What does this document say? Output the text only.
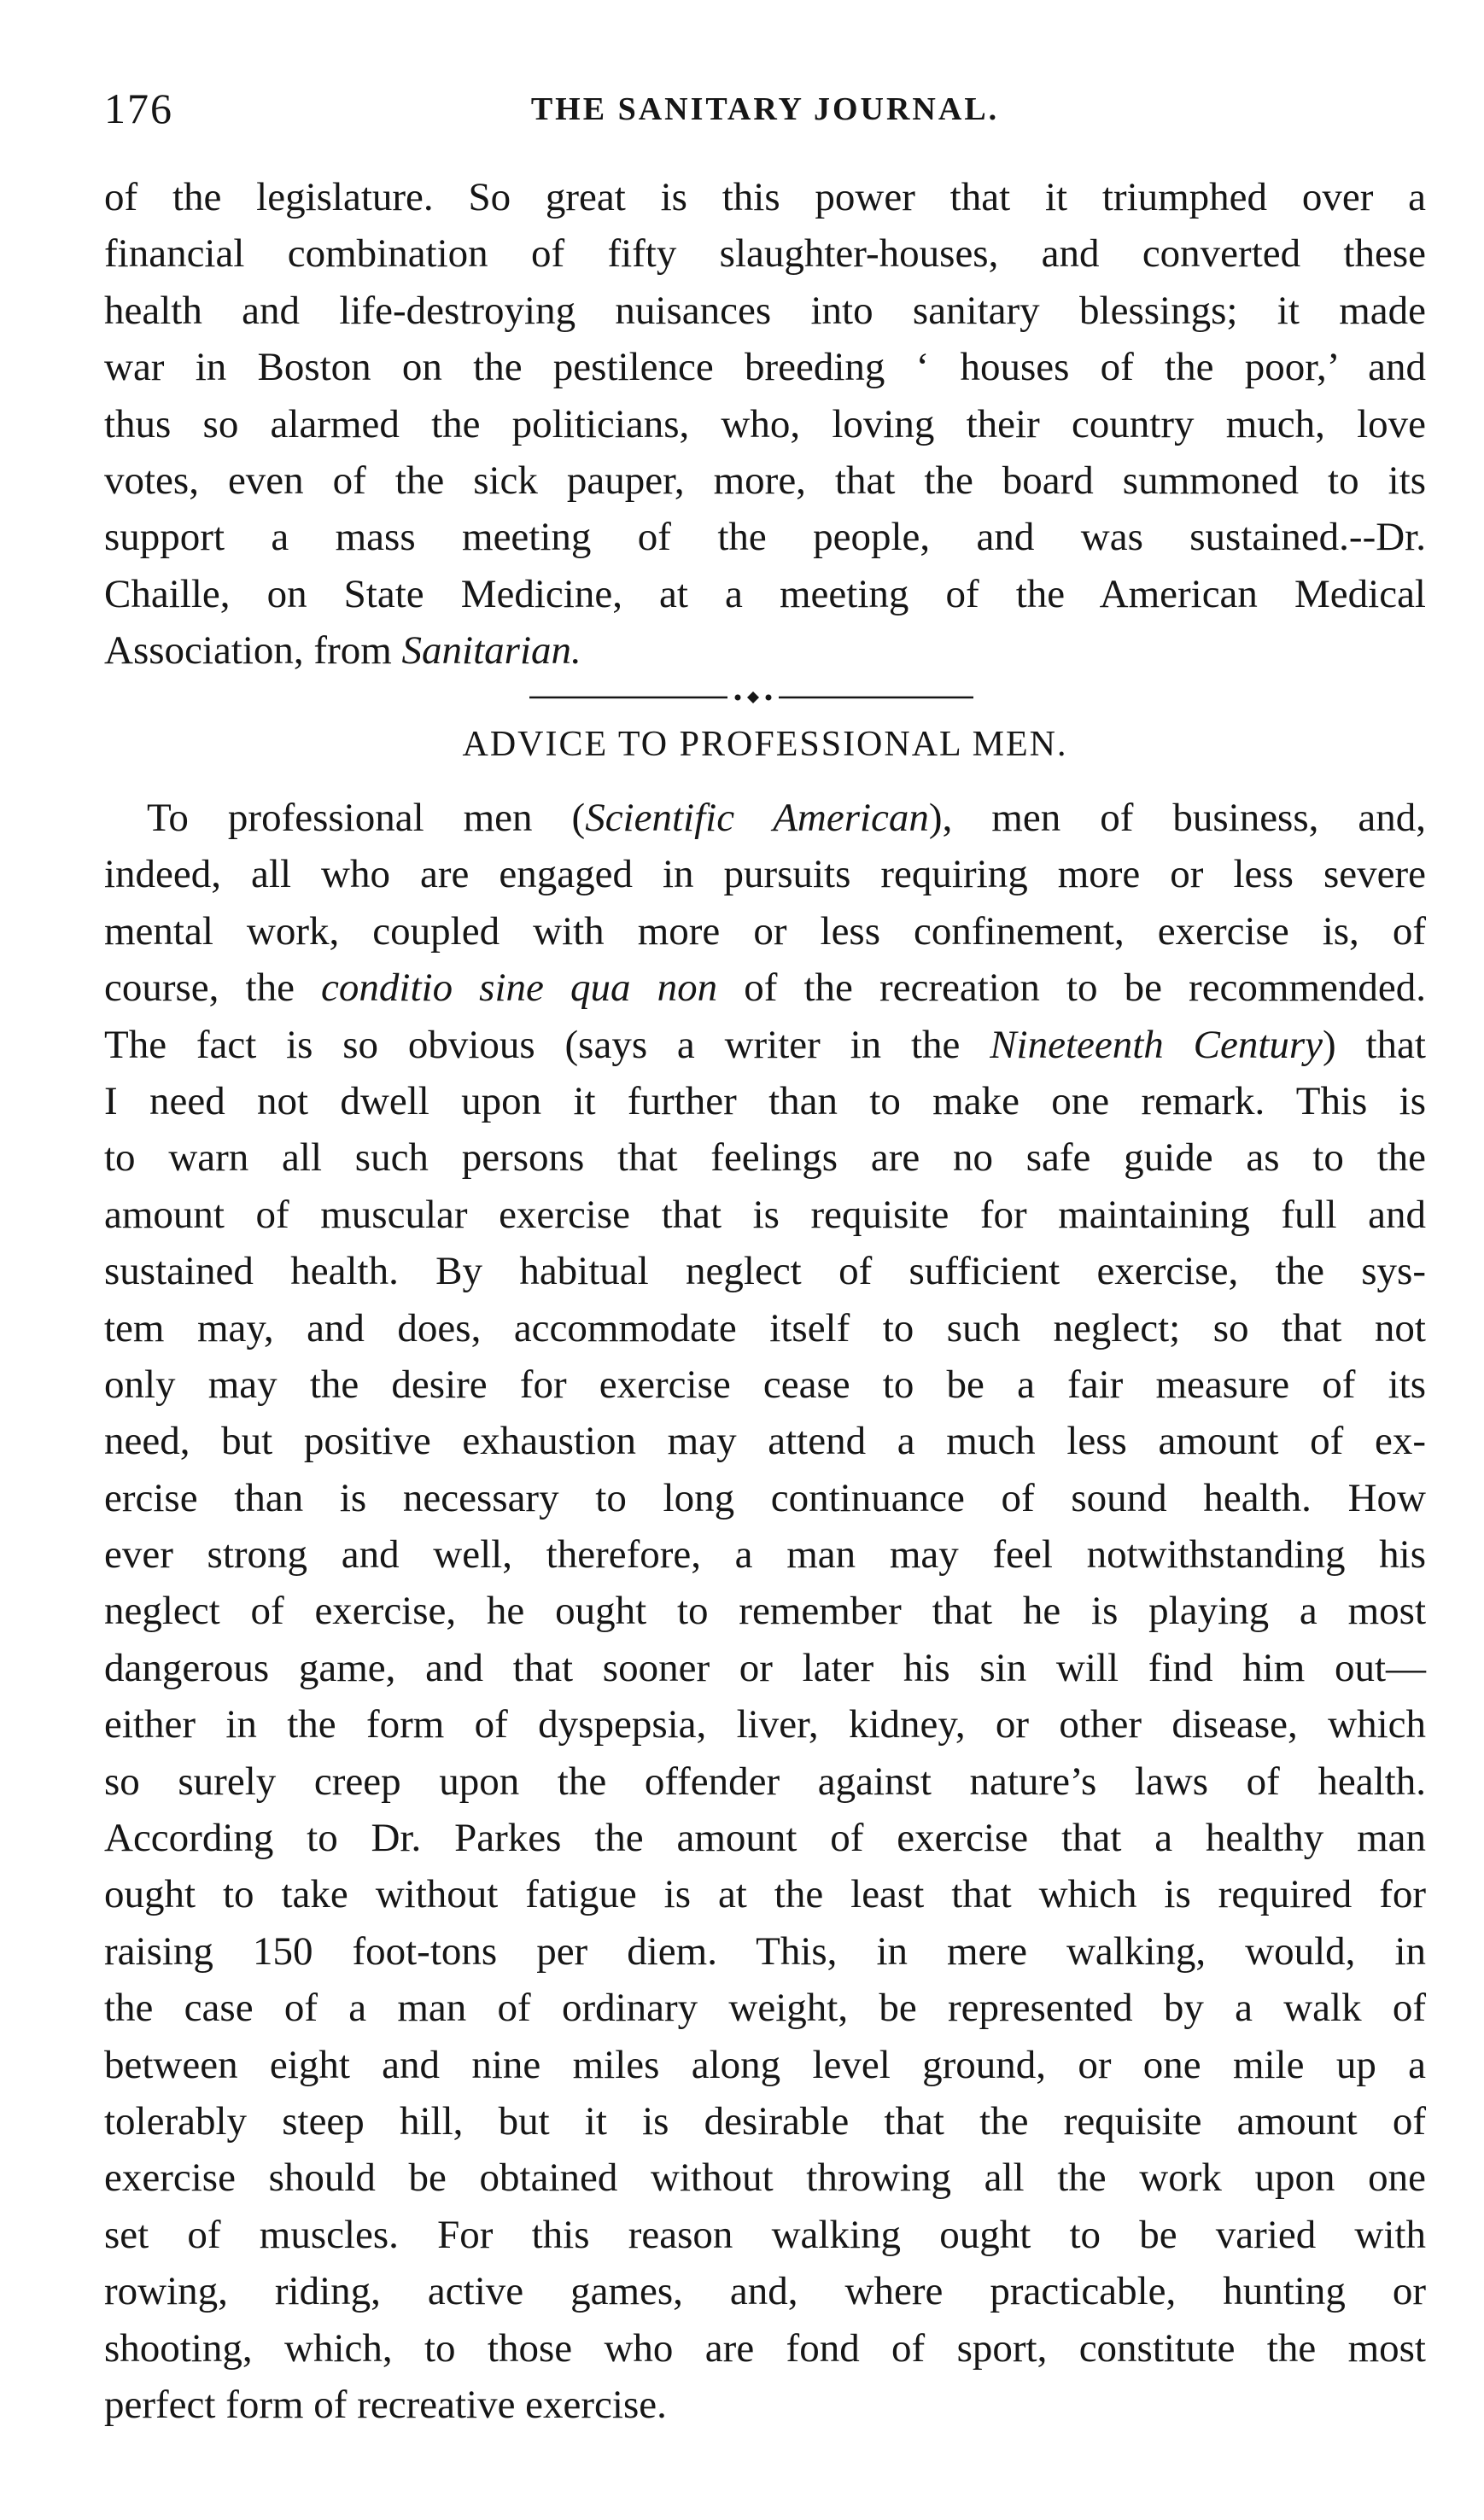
176	THE SANITARY JOURNAL.
of the legislature. So great is this power that it triumphed over a
financial combination of fifty slaughter-houses, and converted these
health and life-destroying nuisances into sanitary blessings; it made
war in Boston on the pestilence breeding ‘ houses of the poor,’ and
thus so alarmed the politicians, who, loving their country much, love
votes, even of the sick pauper, more, that the board summoned to its
support a mass meeting of the people, and was sustained.--Dr.
Chaille, on State Medicine, at a meeting of the American Medical
Association, from Sanitarian.
ADVICE TO PROFESSIONAL MEN.
To professional men (Scientific American), men of business, and,
indeed, all who are engaged in pursuits requiring more or less severe
mental work, coupled with more or less confinement, exercise is, of
course, the conditio sine qua non of the recreation to be recommended.
The fact is so obvious (says a writer in the Nineteenth Century) that
I need not dwell upon it further than to make one remark. This is
to warn all such persons that feelings are no safe guide as to the
amount of muscular exercise that is requisite for maintaining full and
sustained health. By habitual neglect of sufficient exercise, the sys-
tem may, and does, accommodate itself to such neglect; so that not
only may the desire for exercise cease to be a fair measure of its
need, but positive exhaustion may attend a much less amount of ex-
ercise than is necessary to long continuance of sound health. How
ever strong and well, therefore, a man may feel notwithstanding his
neglect of exercise, he ought to remember that he is playing a most
dangerous game, and that sooner or later his sin will find him out—
either in the form of dyspepsia, liver, kidney, or other disease, which
so surely creep upon the offender against nature’s laws of health.
According to Dr. Parkes the amount of exercise that a healthy man
ought to take without fatigue is at the least that which is required for
raising 150 foot-tons per diem. This, in mere walking, would, in
the case of a man of ordinary weight, be represented by a walk of
between eight and nine miles along level ground, or one mile up a
tolerably steep hill, but it is desirable that the requisite amount of
exercise should be obtained without throwing all the work upon one
set of muscles. For this reason walking ought to be varied with
rowing, riding, active games, and, where practicable, hunting or
shooting, which, to those who are fond of sport, constitute the most
perfect form of recreative exercise.
